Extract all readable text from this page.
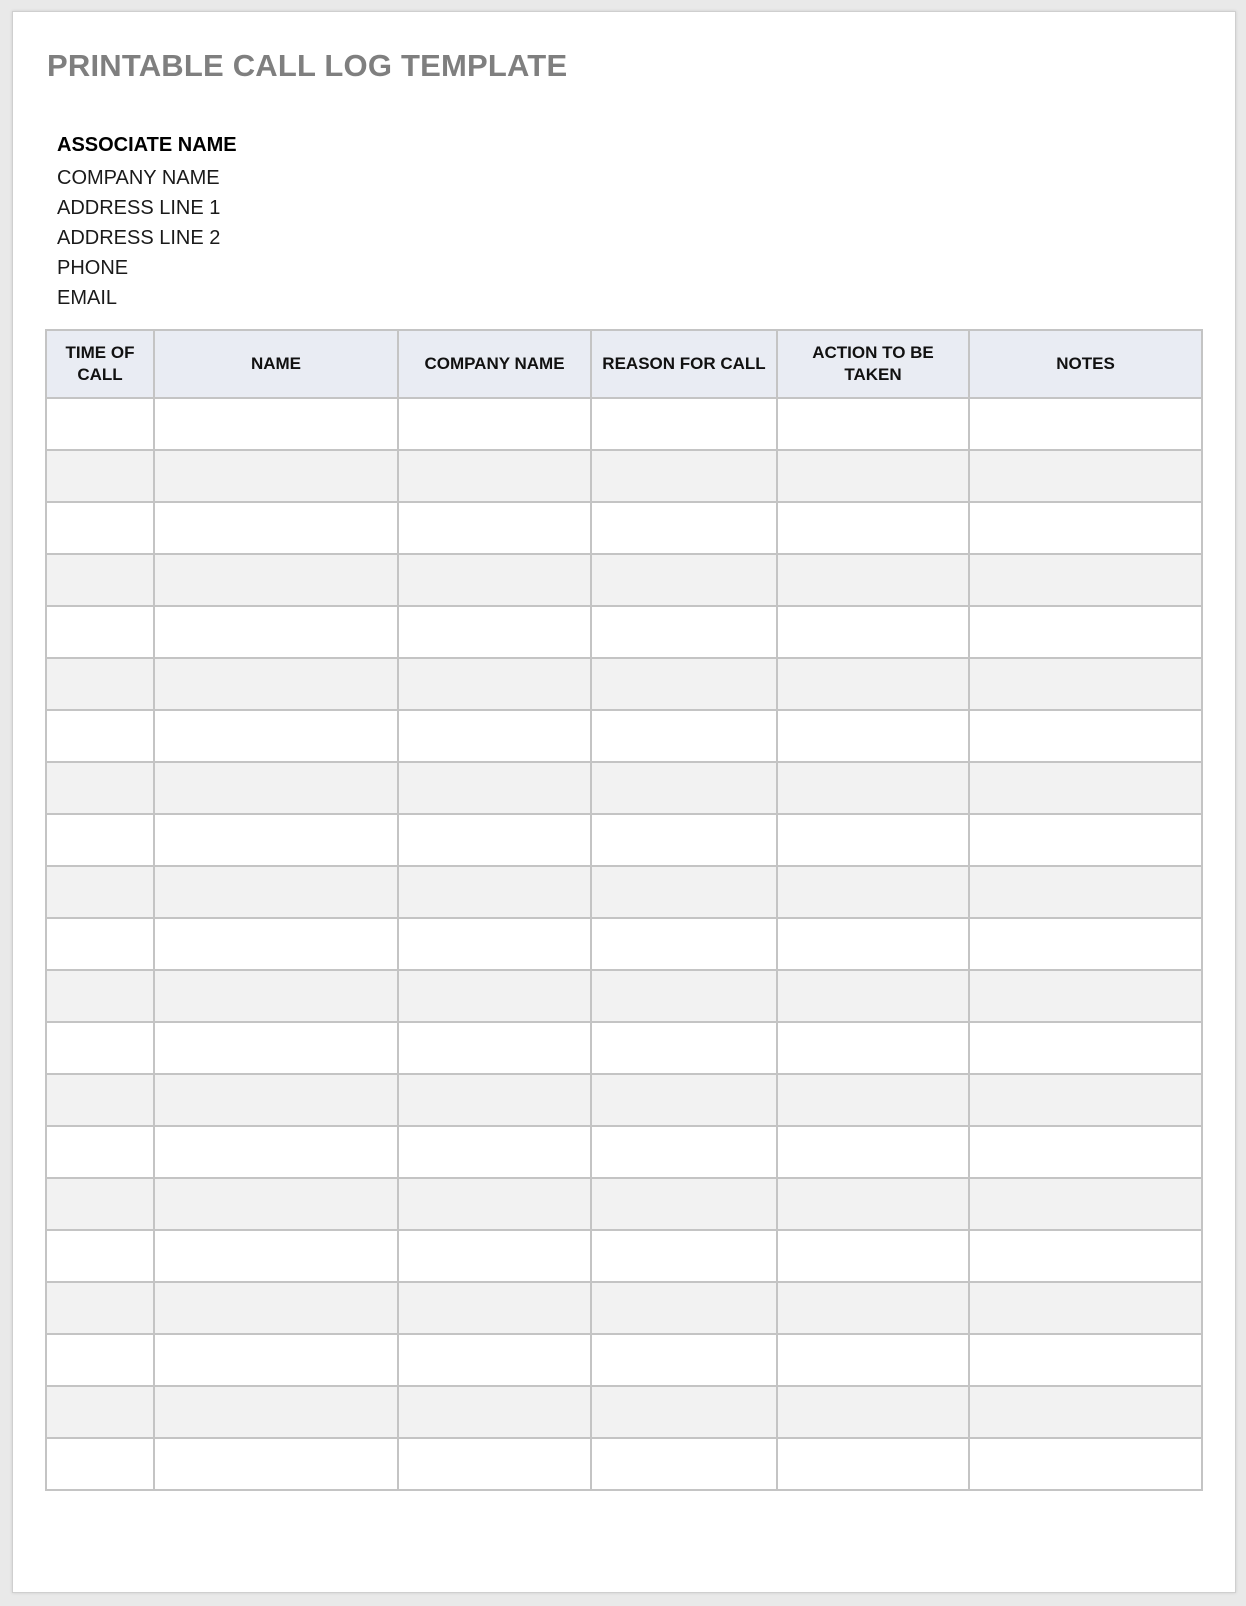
PRINTABLE CALL LOG TEMPLATE
ASSOCIATE NAME
COMPANY NAME
ADDRESS LINE 1
ADDRESS LINE 2
PHONE
EMAIL
TIME OF CALL	NAME	COMPANY NAME	REASON FOR CALL	ACTION TO BE TAKEN	NOTES
